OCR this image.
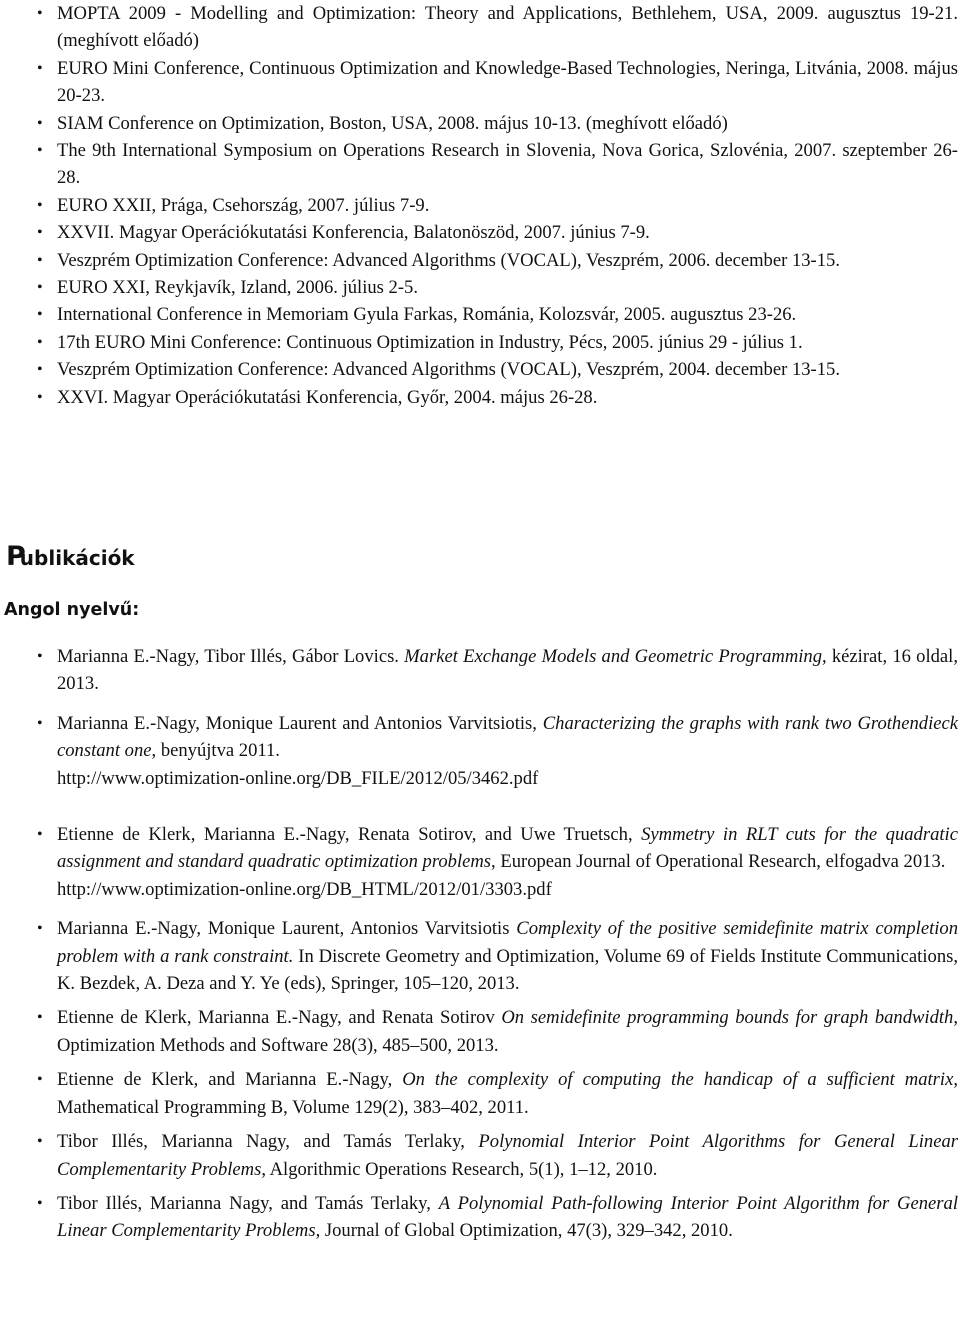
• MOPTA 2009 - Modelling and Optimization: Theory and Applications, Bethlehem, USA, 2009. augusztus 19-21. (meghívott előadó)
• EURO Mini Conference, Continuous Optimization and Knowledge-Based Technologies, Neringa, Litvánia, 2008. május 20-23.
• SIAM Conference on Optimization, Boston, USA, 2008. május 10-13. (meghívott előadó)
• The 9th International Symposium on Operations Research in Slovenia, Nova Gorica, Szlovénia, 2007. szeptember 26-28.
• EURO XXII, Prága, Csehország, 2007. július 7-9.
• XXVII. Magyar Operációkutatási Konferencia, Balatonöszöd, 2007. június 7-9.
• Veszprém Optimization Conference: Advanced Algorithms (VOCAL), Veszprém, 2006. december 13-15.
• EURO XXI, Reykjavík, Izland, 2006. július 2-5.
• International Conference in Memoriam Gyula Farkas, Románia, Kolozsvár, 2005. augusztus 23-26.
• 17th EURO Mini Conference: Continuous Optimization in Industry, Pécs, 2005. június 29 - július 1.
• Veszprém Optimization Conference: Advanced Algorithms (VOCAL), Veszprém, 2004. december 13-15.
• XXVI. Magyar Operációkutatási Konferencia, Győr, 2004. május 26-28.
Publikációk
Angol nyelvű:
• Marianna E.-Nagy, Tibor Illés, Gábor Lovics. Market Exchange Models and Geometric Programming, kézirat, 16 oldal, 2013.
• Marianna E.-Nagy, Monique Laurent and Antonios Varvitsiotis, Characterizing the graphs with rank two Grothendieck constant one, benyújtva 2011.
http://www.optimization-online.org/DB_FILE/2012/05/3462.pdf
• Etienne de Klerk, Marianna E.-Nagy, Renata Sotirov, and Uwe Truetsch, Symmetry in RLT cuts for the quadratic assignment and standard quadratic optimization problems, European Journal of Operational Research, elfogadva 2013.
http://www.optimization-online.org/DB_HTML/2012/01/3303.pdf
• Marianna E.-Nagy, Monique Laurent, Antonios Varvitsiotis Complexity of the positive semidefinite matrix completion problem with a rank constraint. In Discrete Geometry and Optimization, Volume 69 of Fields Institute Communications, K. Bezdek, A. Deza and Y. Ye (eds), Springer, 105–120, 2013.
• Etienne de Klerk, Marianna E.-Nagy, and Renata Sotirov On semidefinite programming bounds for graph bandwidth, Optimization Methods and Software 28(3), 485–500, 2013.
• Etienne de Klerk, and Marianna E.-Nagy, On the complexity of computing the handicap of a sufficient matrix, Mathematical Programming B, Volume 129(2), 383–402, 2011.
• Tibor Illés, Marianna Nagy, and Tamás Terlaky, Polynomial Interior Point Algorithms for General Linear Complementarity Problems, Algorithmic Operations Research, 5(1), 1–12, 2010.
• Tibor Illés, Marianna Nagy, and Tamás Terlaky, A Polynomial Path-following Interior Point Algorithm for General Linear Complementarity Problems, Journal of Global Optimization, 47(3), 329–342, 2010.
